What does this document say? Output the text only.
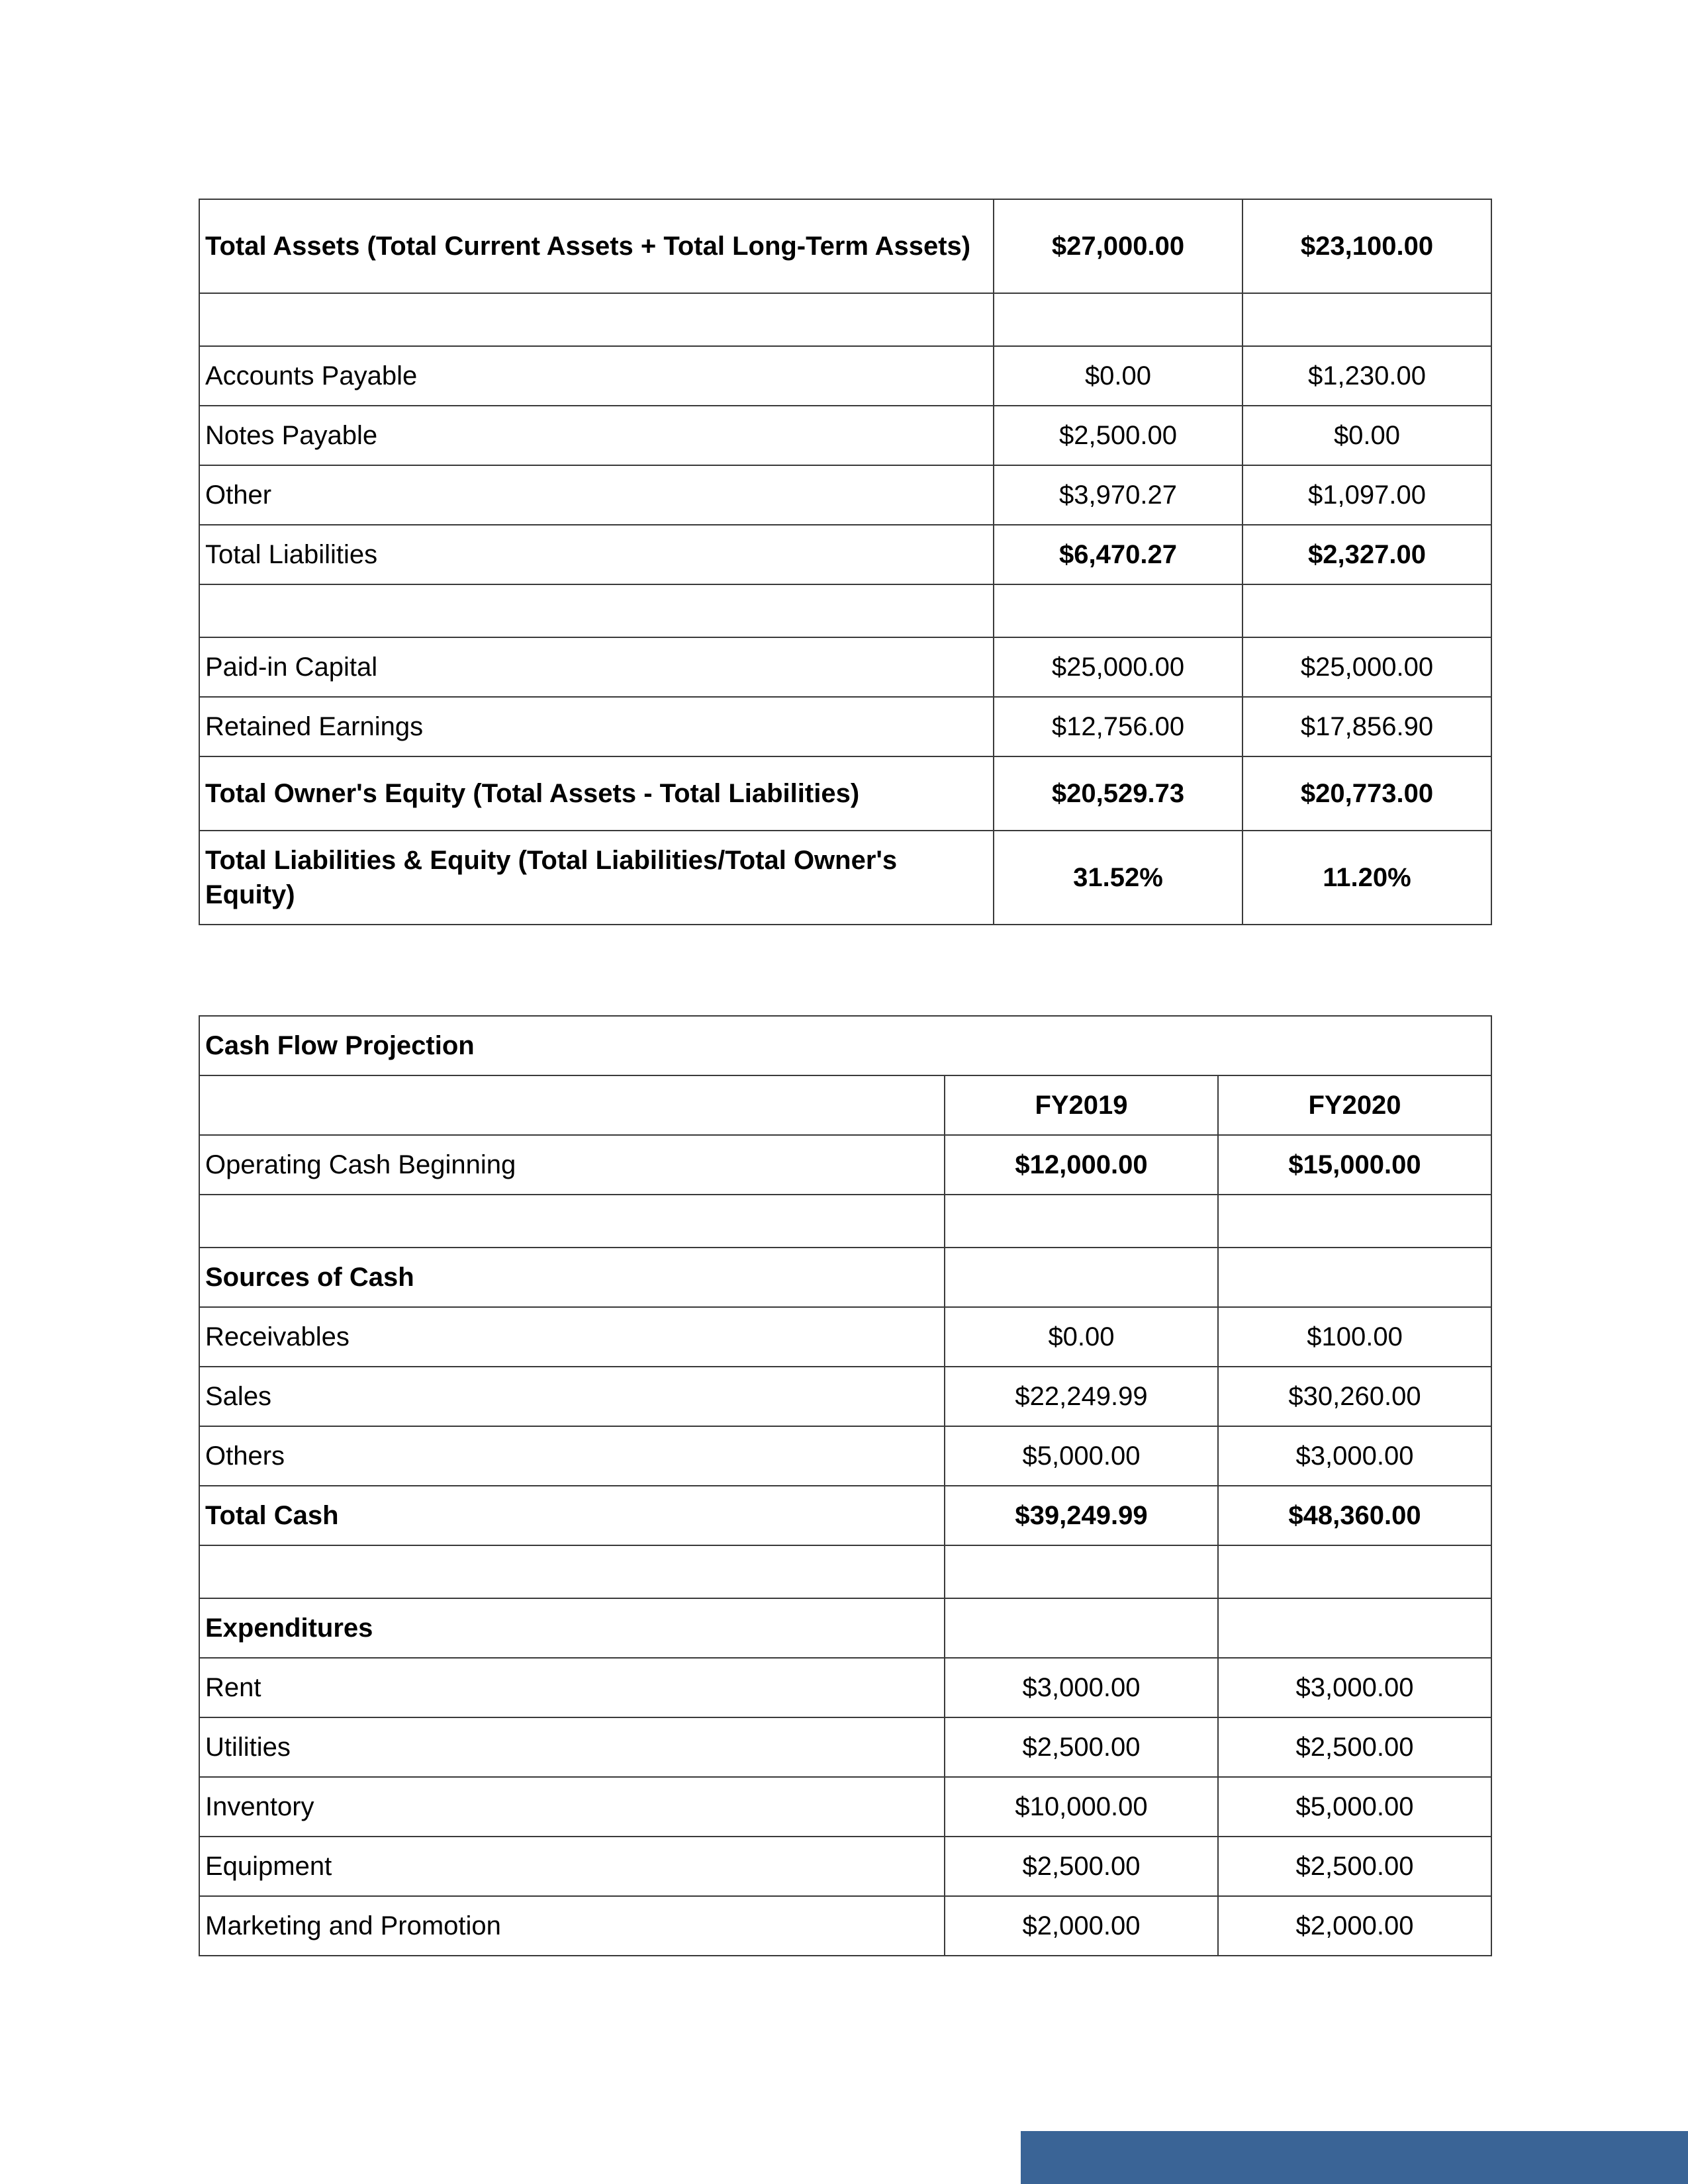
Total Assets (Total Current Assets + Total Long-Term Assets)	$27,000.00	$23,100.00

Accounts Payable	$0.00	$1,230.00
Notes Payable	$2,500.00	$0.00
Other	$3,970.27	$1,097.00
Total Liabilities	$6,470.27	$2,327.00

Paid-in Capital	$25,000.00	$25,000.00
Retained Earnings	$12,756.00	$17,856.90
Total Owner's Equity (Total Assets - Total Liabilities)	$20,529.73	$20,773.00
Total Liabilities & Equity (Total Liabilities/Total Owner's Equity)	31.52%	11.20%
Cash Flow Projection		
	FY2019	FY2020
Operating Cash Beginning	$12,000.00	$15,000.00

Sources of Cash		
Receivables	$0.00	$100.00
Sales	$22,249.99	$30,260.00
Others	$5,000.00	$3,000.00
Total Cash	$39,249.99	$48,360.00

Expenditures		
Rent	$3,000.00	$3,000.00
Utilities	$2,500.00	$2,500.00
Inventory	$10,000.00	$5,000.00
Equipment	$2,500.00	$2,500.00
Marketing and Promotion	$2,000.00	$2,000.00
